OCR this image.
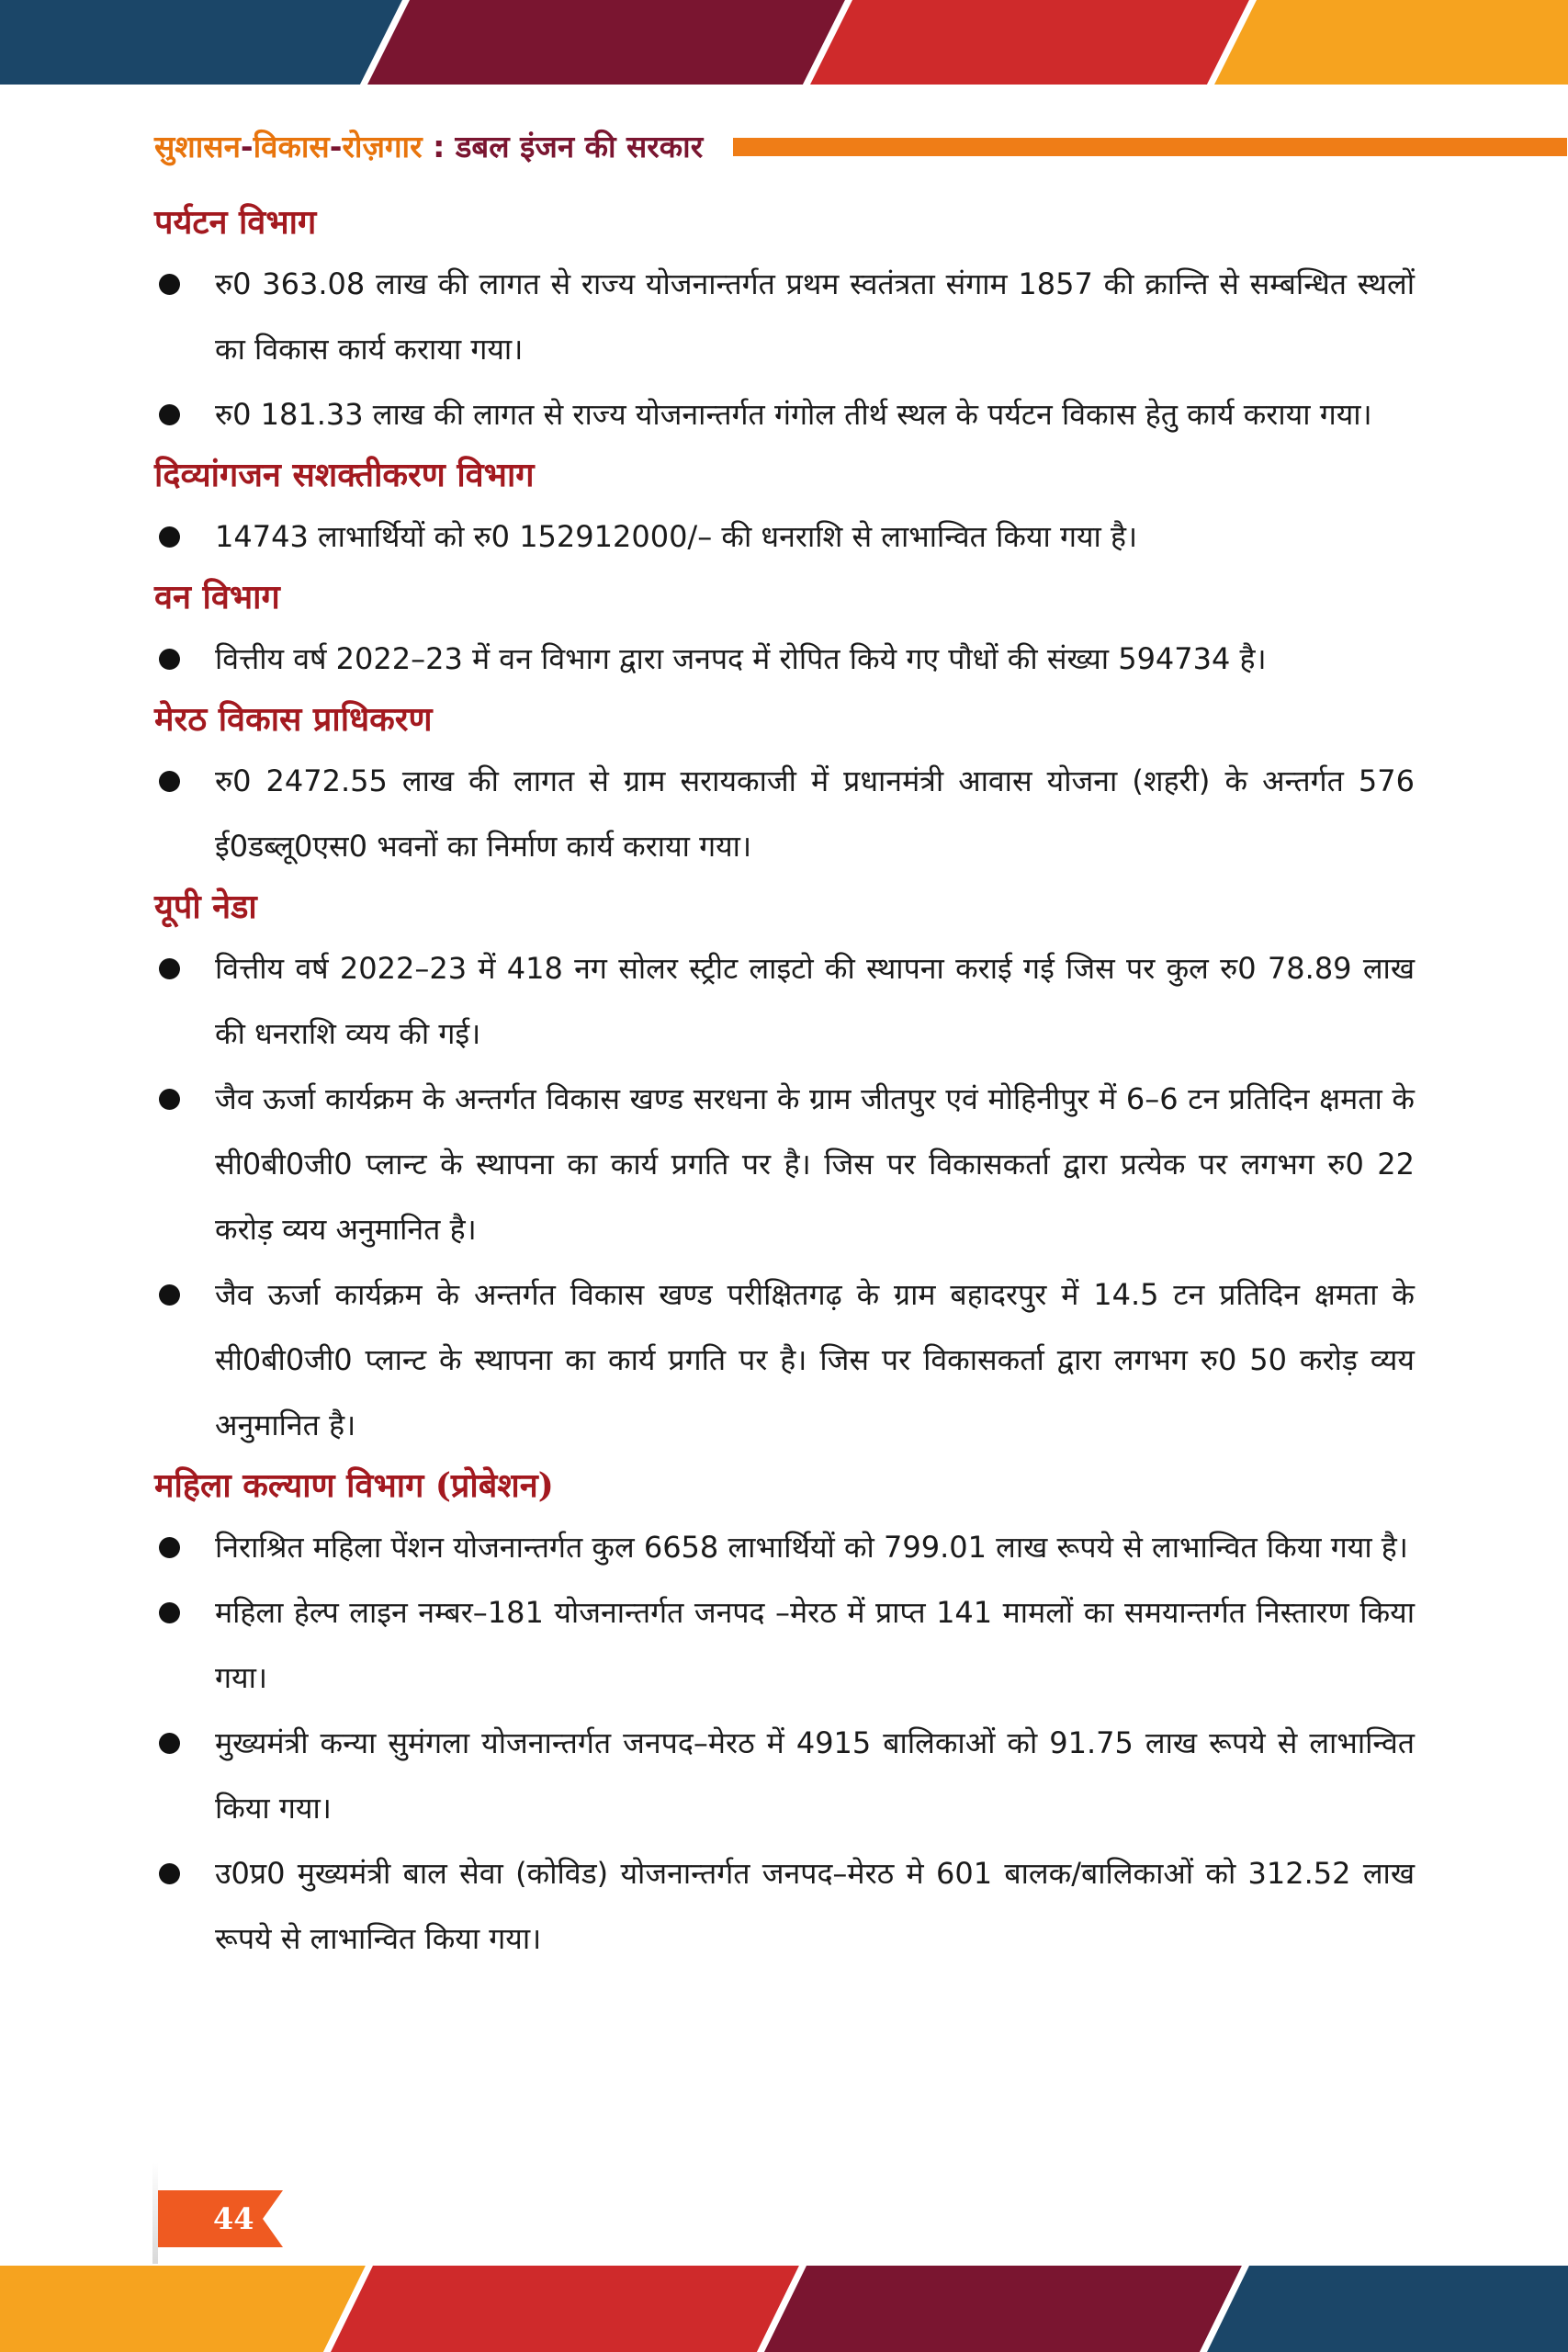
सुशासन-विकास-रोज़गार : डबल इंजन की सरकार
पर्यटन विभाग
रु0 363.08 लाख की लागत से राज्य योजनान्तर्गत प्रथम स्वतंत्रता संगाम 1857 की क्रान्ति से सम्बन्धित स्थलों का विकास कार्य कराया गया।
रु0 181.33 लाख की लागत से राज्य योजनान्तर्गत गंगोल तीर्थ स्थल के पर्यटन विकास हेतु कार्य कराया गया।
दिव्यांगजन सशक्तीकरण विभाग
14743 लाभार्थियों को रु0 152912000/– की धनराशि से लाभान्वित किया गया है।
वन विभाग
वित्तीय वर्ष 2022–23 में वन विभाग द्वारा जनपद में रोपित किये गए पौधों की संख्या 594734 है।
मेरठ विकास प्राधिकरण
रु0 2472.55 लाख की लागत से ग्राम सरायकाजी में प्रधानमंत्री आवास योजना (शहरी) के अन्तर्गत 576 ई0डब्लू0एस0 भवनों का निर्माण कार्य कराया गया।
यूपी नेडा
वित्तीय वर्ष 2022–23 में 418 नग सोलर स्ट्रीट लाइटो की स्थापना कराई गई जिस पर कुल रु0 78.89 लाख की धनराशि व्यय की गई।
जैव ऊर्जा कार्यक्रम के अन्तर्गत विकास खण्ड सरधना के ग्राम जीतपुर एवं मोहिनीपुर में 6–6 टन प्रतिदिन क्षमता के सी0बी0जी0 प्लान्ट के स्थापना का कार्य प्रगति पर है। जिस पर विकासकर्ता द्वारा प्रत्येक पर लगभग रु0 22 करोड़ व्यय अनुमानित है।
जैव ऊर्जा कार्यक्रम के अन्तर्गत विकास खण्ड परीक्षितगढ़ के ग्राम बहादरपुर में 14.5 टन प्रतिदिन क्षमता के सी0बी0जी0 प्लान्ट के स्थापना का कार्य प्रगति पर है। जिस पर विकासकर्ता द्वारा लगभग रु0 50 करोड़ व्यय अनुमानित है।
महिला कल्याण विभाग (प्रोबेशन)
निराश्रित महिला पेंशन योजनान्तर्गत कुल 6658 लाभार्थियों को 799.01 लाख रूपये से लाभान्वित किया गया है।
महिला हेल्प लाइन नम्बर–181 योजनान्तर्गत जनपद –मेरठ में प्राप्त 141 मामलों का समयान्तर्गत निस्तारण किया गया।
मुख्यमंत्री कन्या सुमंगला योजनान्तर्गत जनपद–मेरठ में 4915 बालिकाओं को 91.75 लाख रूपये से लाभान्वित किया गया।
उ0प्र0 मुख्यमंत्री बाल सेवा (कोविड) योजनान्तर्गत जनपद–मेरठ मे 601 बालक/बालिकाओं को 312.52 लाख रूपये से लाभान्वित किया गया।
44
